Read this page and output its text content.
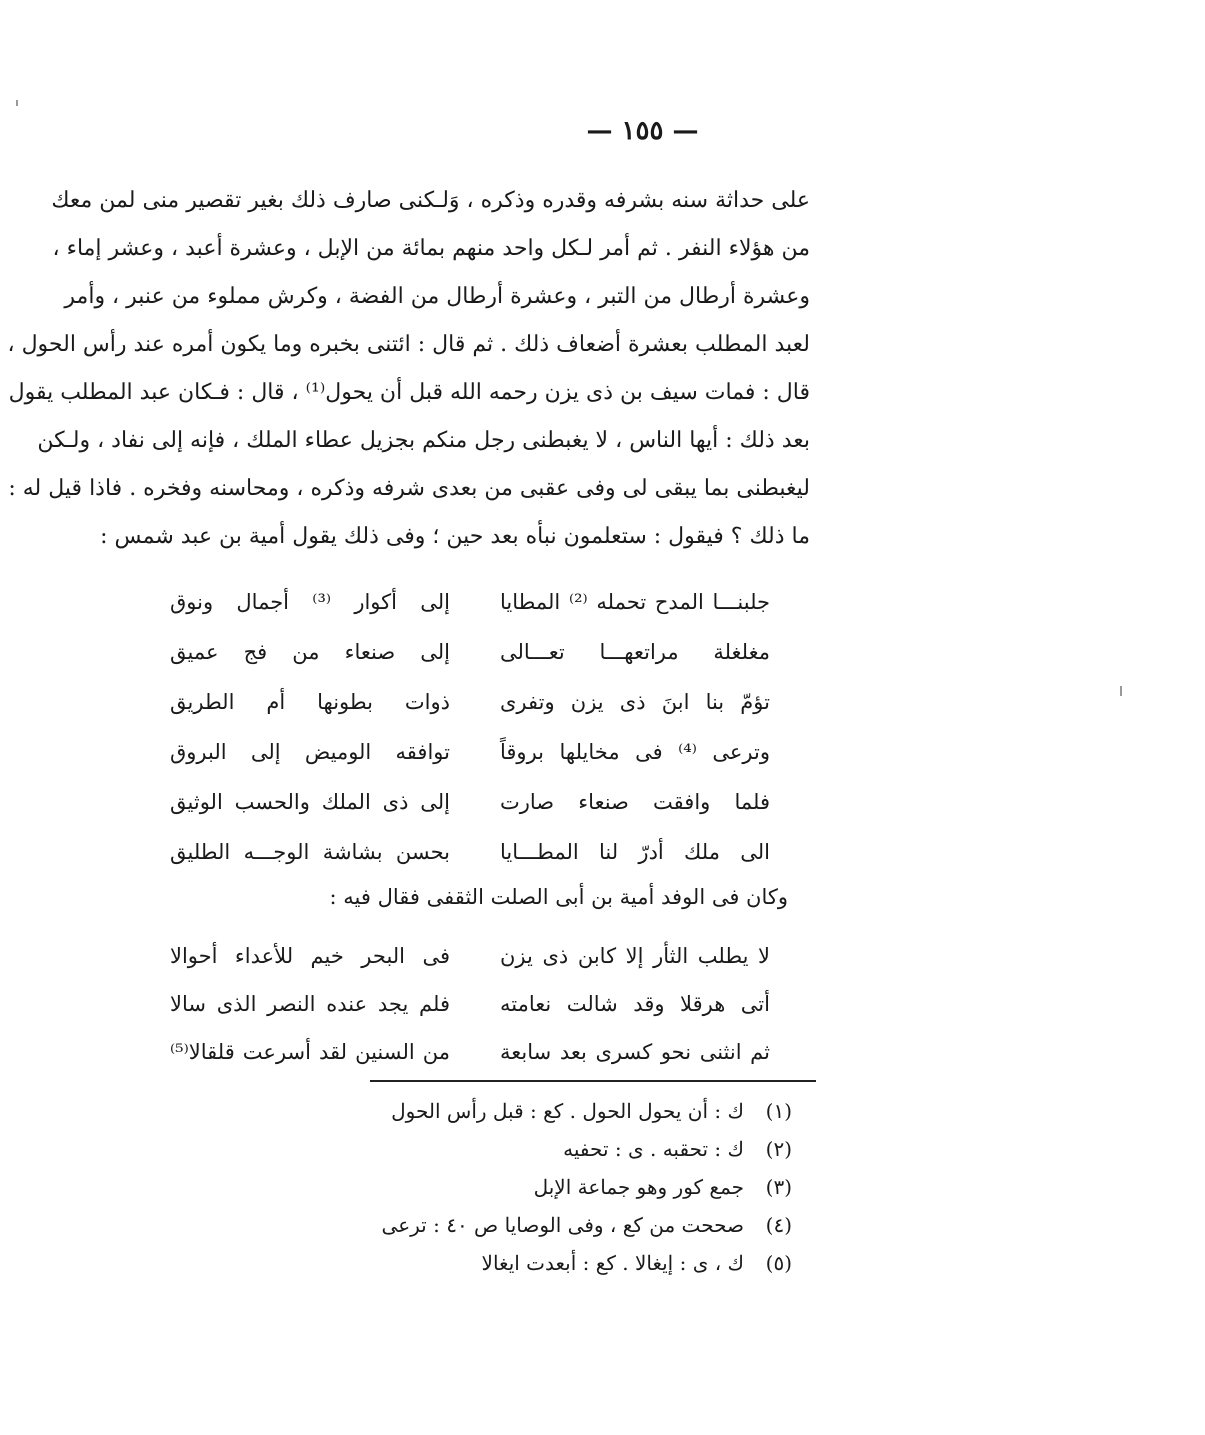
— ١٥٥ —
على حداثة سنه بشرفه وقدره وذكره ، وَلـكنى صارف ذلك بغير تقصير منى لمن معك
من هؤلاء النفر . ثم أمر لـكل واحد منهم بمائة من الإبل ، وعشرة أعبد ، وعشر إماء ،
وعشرة أرطال من التبر ، وعشرة أرطال من الفضة ، وكرش مملوء من عنبر ، وأمر
لعبد المطلب بعشرة أضعاف ذلك . ثم قال : ائتنى بخبره وما يكون أمره عند رأس الحول ،
قال : فمات سيف بن ذى يزن رحمه الله قبل أن يحول⁽¹⁾ ، قال : فـكان عبد المطلب يقول
بعد ذلك : أيها الناس ، لا يغبطنى رجل منكم بجزيل عطاء الملك ، فإنه إلى نفاد ، ولـكن
ليغبطنى بما يبقى لى وفى عقبى من بعدى شرفه وذكره ، ومحاسنه وفخره . فاذا قيل له :
ما ذلك ؟ فيقول : ستعلمون نبأه بعد حين ؛ وفى ذلك يقول أمية بن عبد شمس :
جلبنـــا المدح تحمله ⁽²⁾ المطايا
إلى أكوار ⁽³⁾ أجمال ونوق
مغلغلة مراتعهـــا تعـــالى
إلى صنعاء من فج عميق
تؤمّ بنا ابنَ ذى يزن وتفرى
ذوات بطونها أم الطريق
وترعى ⁽⁴⁾ فى مخايلها بروقاً
توافقه الوميض إلى البروق
فلما وافقت صنعاء صارت
إلى ذى الملك والحسب الوثيق
الى ملك أدرّ لنا المطـــايا
بحسن بشاشة الوجـــه الطليق
وكان فى الوفد أمية بن أبى الصلت الثقفى فقال فيه :
لا يطلب الثأر إلا كابن ذى يزن
فى البحر خيم للأعداء أحوالا
أتى هرقلا وقد شالت نعامته
فلم يجد عنده النصر الذى سالا
ثم انثنى نحو كسرى بعد سابعة
من السنين لقد أسرعت قلقالا⁽⁵⁾
(١)ك : أن يحول الحول . كع : قبل رأس الحول
(٢)ك : تحقبه . ى : تحفيه
(٣)جمع كور وهو جماعة الإبل
(٤)صححت من كع ، وفى الوصايا ص ٤٠ : ترعى
(٥)ك ، ى : إيغالا . كع : أبعدت ايغالا
